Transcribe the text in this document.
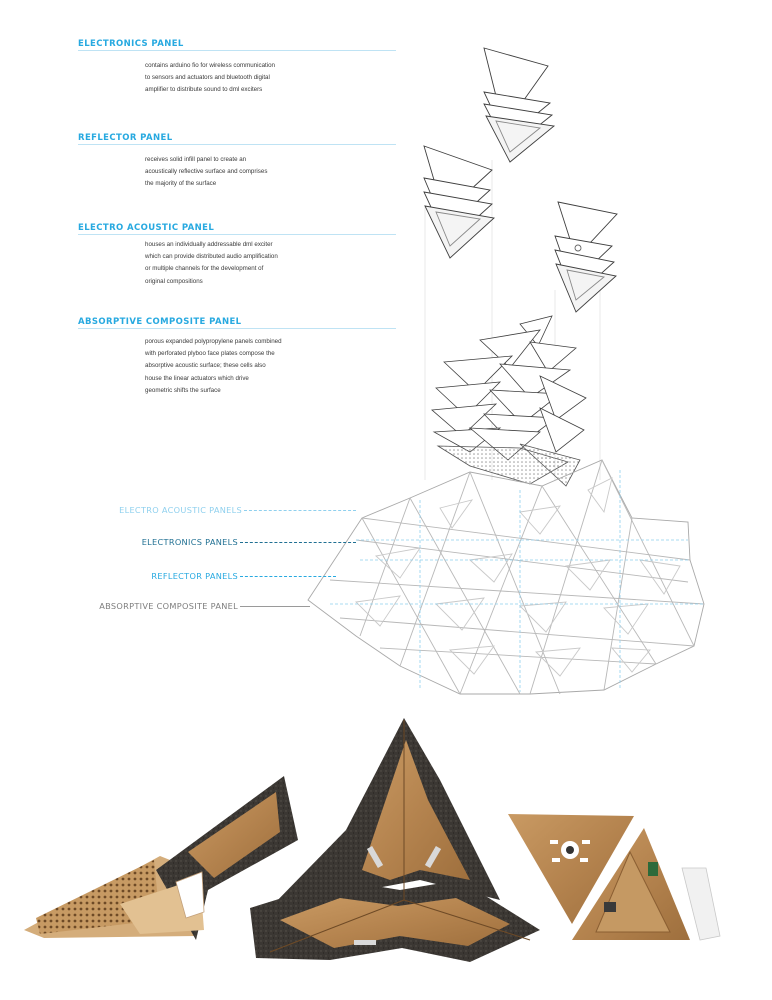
ELECTRONICS PANEL
contains arduino fio for wireless communication
to sensors and actuators and bluetooth digital
amplifier to distribute sound to dml exciters
REFLECTOR PANEL
receives solid infill panel to create an
acoustically reflective surface and comprises
the majority of the surface
ELECTRO ACOUSTIC PANEL
houses an individually addressable dml exciter
which can provide distributed audio amplification
or multiple channels for the development of
original compositions
ABSORPTIVE COMPOSITE PANEL
porous expanded polypropylene panels combined
with perforated plyboo face plates compose the
absorptive acoustic surface; these cells also
house the linear actuators which drive
geometric shifts the surface
ELECTRO ACOUSTIC PANELS
ELECTRONICS PANELS
REFLECTOR PANELS
ABSORPTIVE COMPOSITE PANEL
